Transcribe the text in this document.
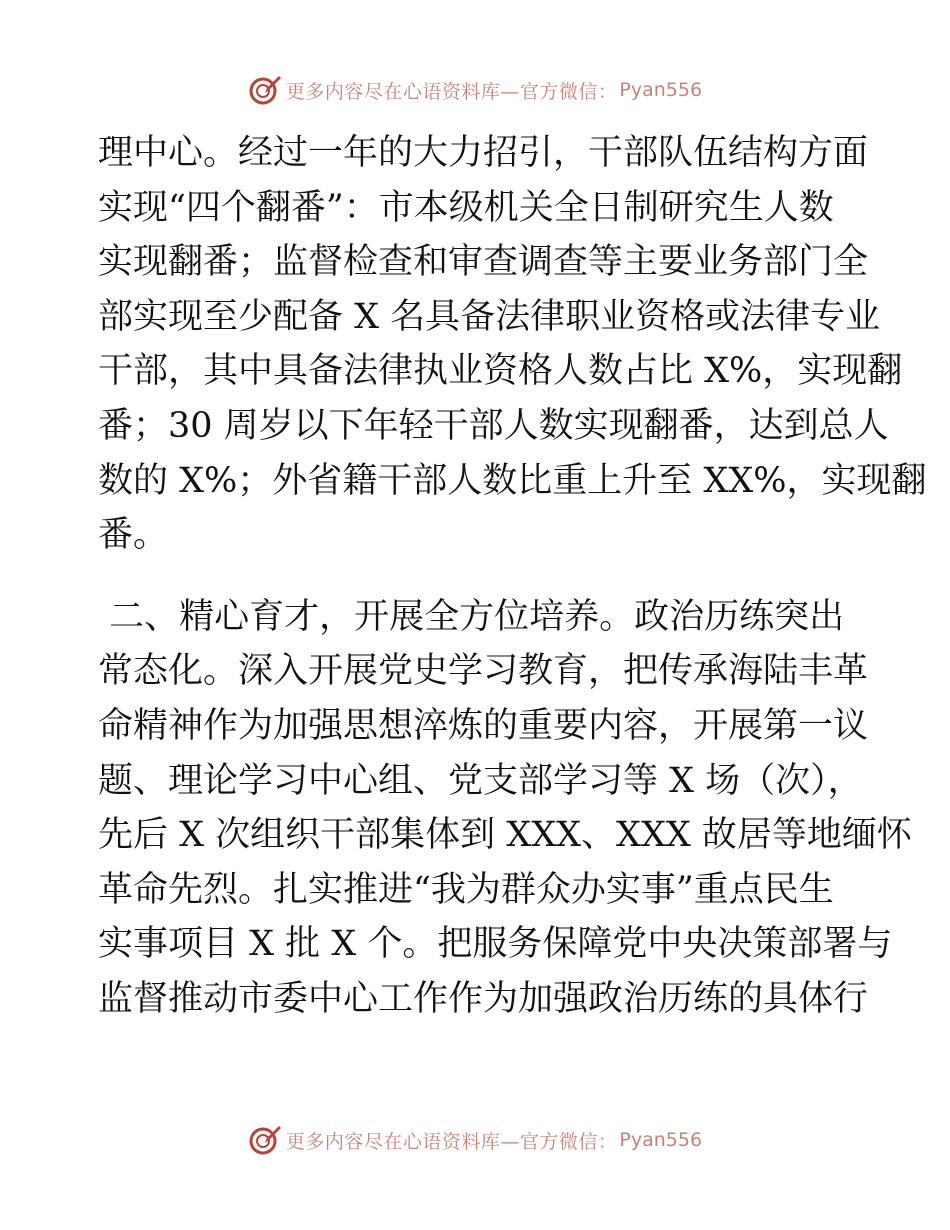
更多内容尽在心语资料库—官方微信： Pyan556

理中心。经过一年的大力招引，干部队伍结构方面
实现“四个翻番”：市本级机关全日制研究生人数
实现翻番；监督检查和审查调查等主要业务部门全
部实现至少配备 X 名具备法律职业资格或法律专业
干部，其中具备法律执业资格人数占比 X%，实现翻
番；30 周岁以下年轻干部人数实现翻番，达到总人
数的 X%；外省籍干部人数比重上升至 XX%，实现翻
番。

二、精心育才，开展全方位培养。政治历练突出
常态化。深入开展党史学习教育，把传承海陆丰革
命精神作为加强思想淬炼的重要内容，开展第一议
题、理论学习中心组、党支部学习等 X 场（次），
先后 X 次组织干部集体到 XXX、XXX 故居等地缅怀
革命先烈。扎实推进“我为群众办实事”重点民生
实事项目 X 批 X 个。把服务保障党中央决策部署与
监督推动市委中心工作作为加强政治历练的具体行

更多内容尽在心语资料库—官方微信： Pyan556
